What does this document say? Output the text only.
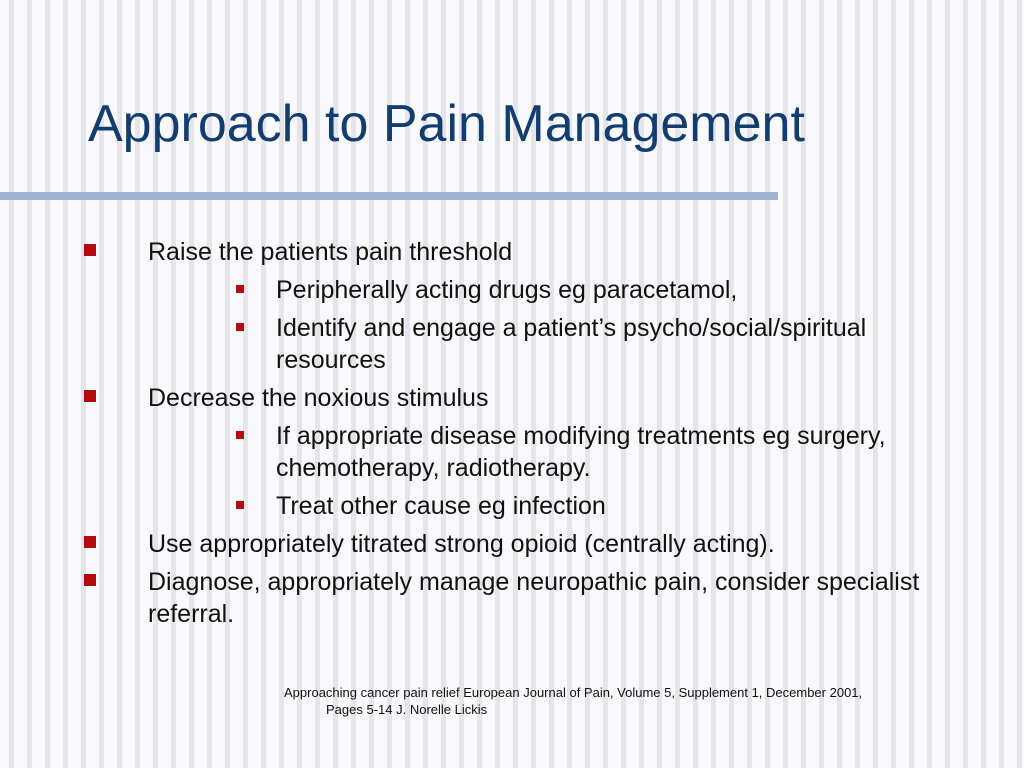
Approach to Pain Management
Raise the patients pain threshold
Peripherally acting drugs eg paracetamol,
Identify and engage a patient’s psycho/social/spiritual resources
Decrease the noxious stimulus
If appropriate disease modifying treatments eg surgery, chemotherapy, radiotherapy.
Treat other cause eg infection
Use appropriately titrated strong opioid (centrally acting).
Diagnose, appropriately manage neuropathic pain, consider specialist referral.
Approaching cancer pain relief European Journal of Pain, Volume 5, Supplement 1, December 2001,
Pages 5-14 J. Norelle Lickis
